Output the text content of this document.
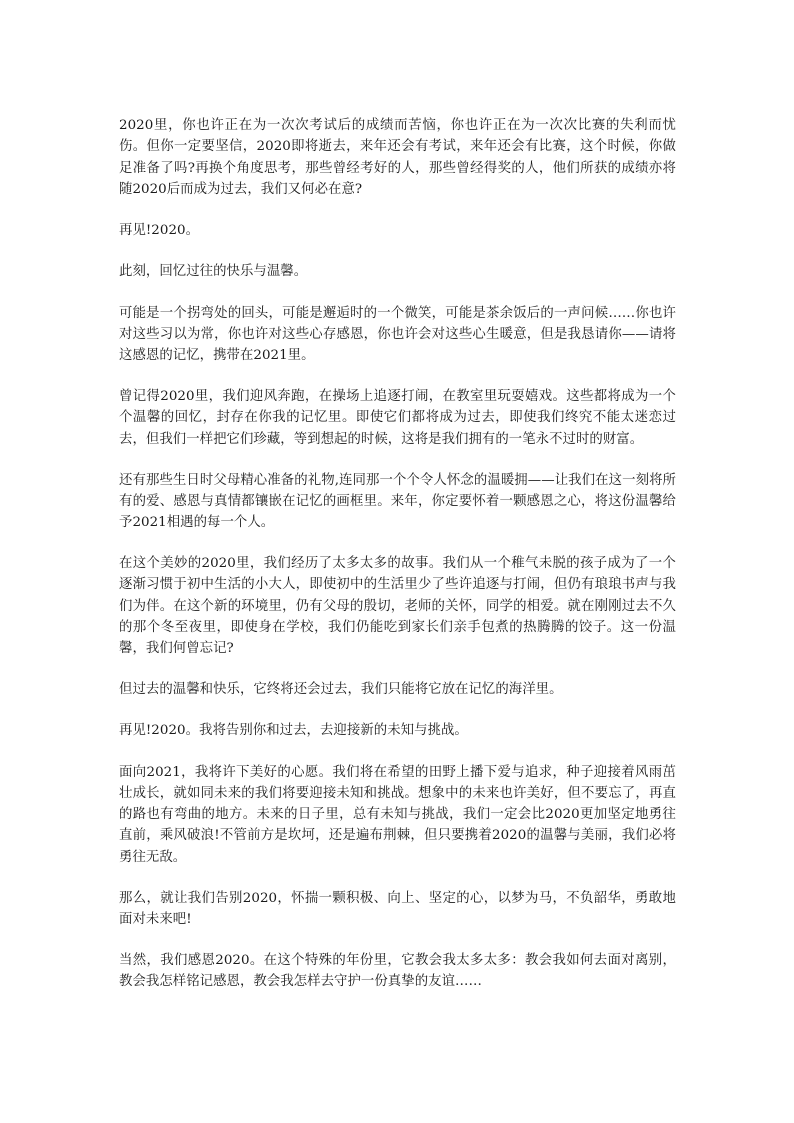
2020里，你也许正在为一次次考试后的成绩而苦恼，你也许正在为一次次比赛的失利而忧伤。但你一定要坚信，2020即将逝去，来年还会有考试，来年还会有比赛，这个时候，你做足准备了吗?再换个角度思考，那些曾经考好的人，那些曾经得奖的人，他们所获的成绩亦将随2020后而成为过去，我们又何必在意?

再见!2020。

此刻，回忆过往的快乐与温馨。

可能是一个拐弯处的回头，可能是邂逅时的一个微笑，可能是茶余饭后的一声问候……你也许对这些习以为常，你也许对这些心存感恩，你也许会对这些心生暖意，但是我恳请你——请将这感恩的记忆，携带在2021里。

曾记得2020里，我们迎风奔跑，在操场上追逐打闹，在教室里玩耍嬉戏。这些都将成为一个个温馨的回忆，封存在你我的记忆里。即使它们都将成为过去，即使我们终究不能太迷恋过去，但我们一样把它们珍藏，等到想起的时候，这将是我们拥有的一笔永不过时的财富。

还有那些生日时父母精心准备的礼物,连同那一个个令人怀念的温暖拥——让我们在这一刻将所有的爱、感恩与真情都镶嵌在记忆的画框里。来年，你定要怀着一颗感恩之心，将这份温馨给予2021相遇的每一个人。

在这个美妙的2020里，我们经历了太多太多的故事。我们从一个稚气未脱的孩子成为了一个逐渐习惯于初中生活的小大人，即使初中的生活里少了些许追逐与打闹，但仍有琅琅书声与我们为伴。在这个新的环境里，仍有父母的殷切，老师的关怀，同学的相爱。就在刚刚过去不久的那个冬至夜里，即使身在学校，我们仍能吃到家长们亲手包煮的热腾腾的饺子。这一份温馨，我们何曾忘记?

但过去的温馨和快乐，它终将还会过去，我们只能将它放在记忆的海洋里。

再见!2020。我将告别你和过去，去迎接新的未知与挑战。

面向2021，我将许下美好的心愿。我们将在希望的田野上播下爱与追求，种子迎接着风雨茁壮成长，就如同未来的我们将要迎接未知和挑战。想象中的未来也许美好，但不要忘了，再直的路也有弯曲的地方。未来的日子里，总有未知与挑战，我们一定会比2020更加坚定地勇往直前，乘风破浪!不管前方是坎坷，还是遍布荆棘，但只要携着2020的温馨与美丽，我们必将勇往无敌。

那么，就让我们告别2020，怀揣一颗积极、向上、坚定的心，以梦为马，不负韶华，勇敢地面对未来吧!

当然，我们感恩2020。在这个特殊的年份里，它教会我太多太多：教会我如何去面对离别，教会我怎样铭记感恩，教会我怎样去守护一份真挚的友谊……
